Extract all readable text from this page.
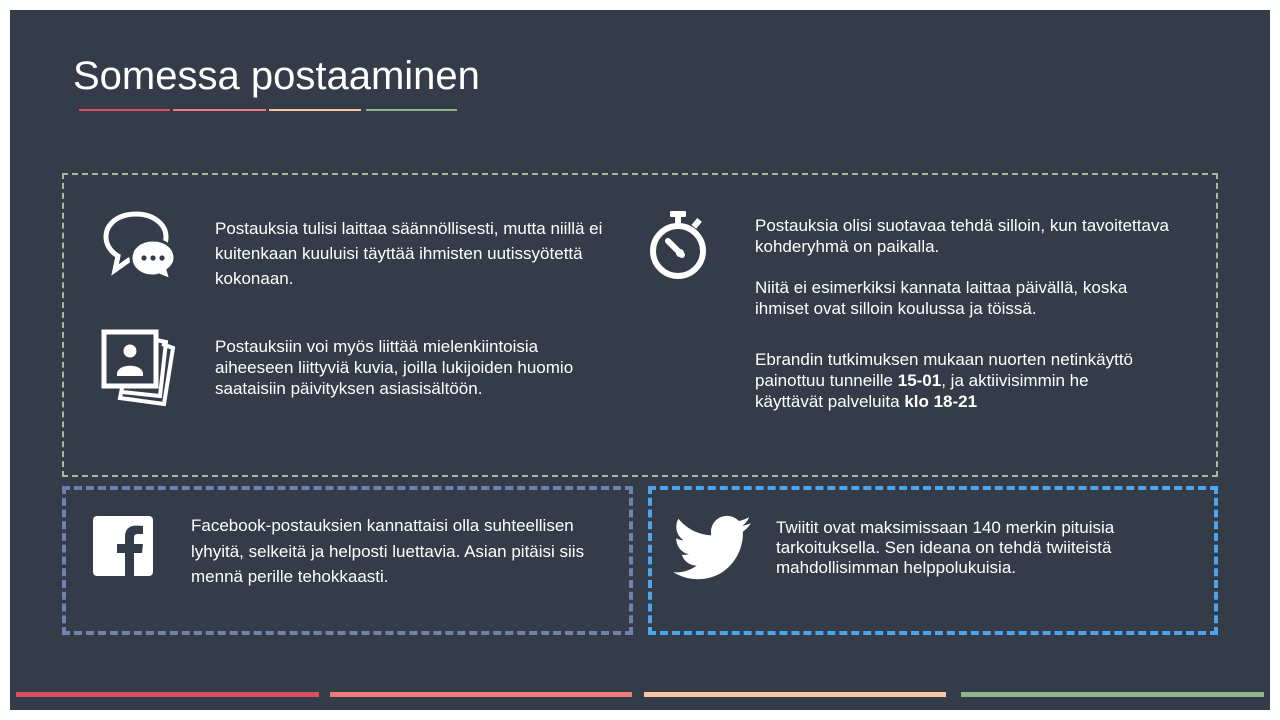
Somessa postaaminen

Postauksia tulisi laittaa säännöllisesti, mutta niillä ei kuitenkaan kuuluisi täyttää ihmisten uutissyötettä kokonaan.

Postauksiin voi myös liittää mielenkiintoisia aiheeseen liittyviä kuvia, joilla lukijoiden huomio saataisiin päivityksen asiasisältöön.

Postauksia olisi suotavaa tehdä silloin, kun tavoitettava kohderyhmä on paikalla.

Niitä ei esimerkiksi kannata laittaa päivällä, koska ihmiset ovat silloin koulussa ja töissä.

Ebrandin tutkimuksen mukaan nuorten netinkäyttö painottuu tunneille 15-01, ja aktiivisimmin he käyttävät palveluita klo 18-21

Facebook-postauksien kannattaisi olla suhteellisen lyhyitä, selkeitä ja helposti luettavia. Asian pitäisi siis mennä perille tehokkaasti.

Twiitit ovat maksimissaan 140 merkin pituisia tarkoituksella. Sen ideana on tehdä twiiteistä mahdollisimman helppolukuisia.
